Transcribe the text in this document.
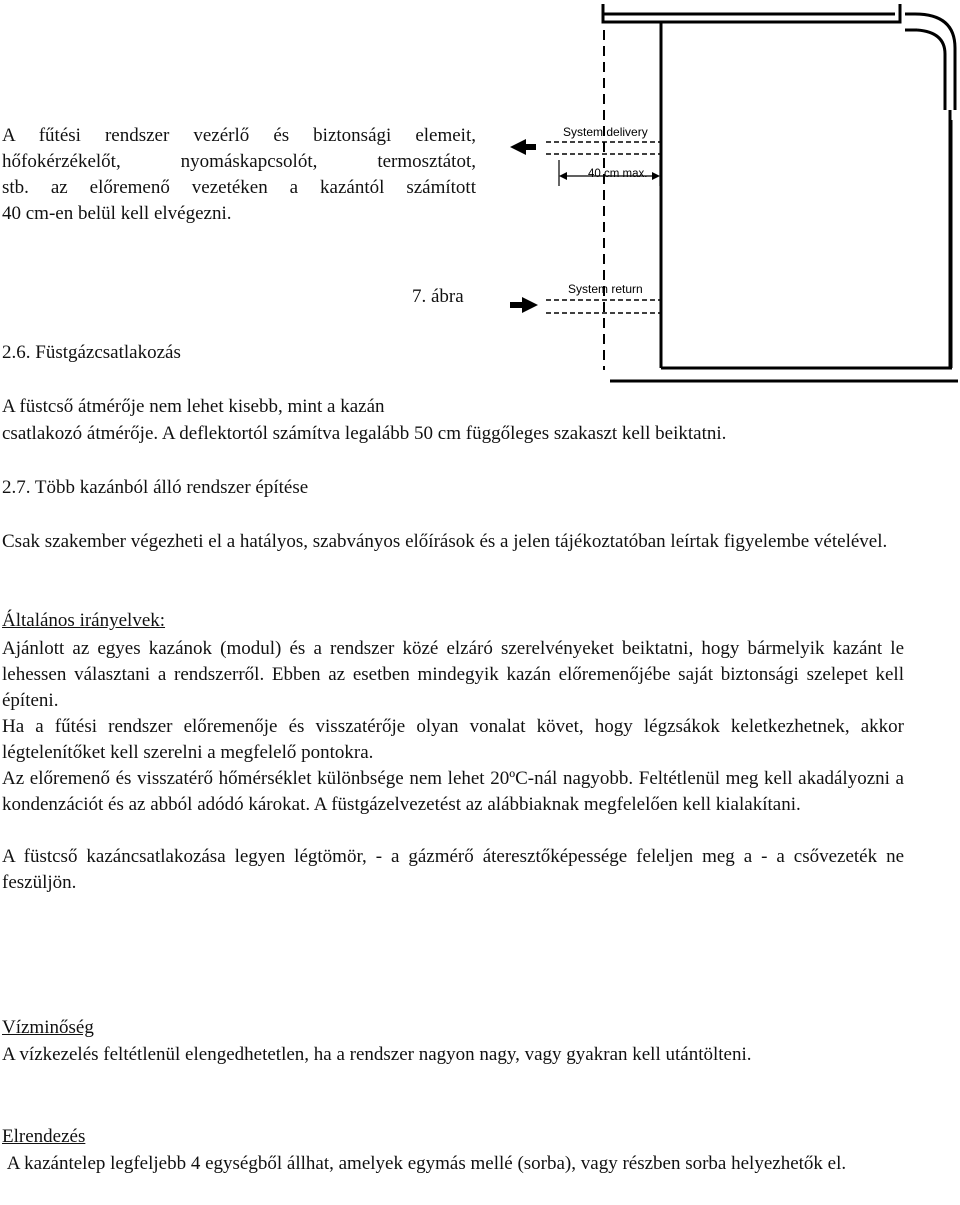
A fűtési rendszer vezérlő és biztonsági elemeit,

hőfokérzékelőt, nyomáskapcsolót, termosztátot,

stb. az előremenő vezetéken a kazántól számított

40 cm-en belül kell elvégezni.

7. ábra
System delivery
40 cm max.
System return
2.6. Füstgázcsatlakozás

A füstcső átmérője nem lehet kisebb, mint a kazán

csatlakozó átmérője. A deflektortól számítva legalább 50 cm függőleges szakaszt kell beiktatni.

2.7. Több kazánból álló rendszer építése

Csak szakember végezheti el a hatályos, szabványos előírások és a jelen tájékoztatóban leírtak figyelembe vételével.

Általános irányelvek:

Ajánlott az egyes kazánok (modul) és a rendszer közé elzáró szerelvényeket beiktatni, hogy bármelyik kazánt le lehessen választani a rendszerről. Ebben az esetben mindegyik kazán előremenőjébe saját biztonsági szelepet kell építeni.

Ha a fűtési rendszer előremenője és visszatérője olyan vonalat követ, hogy légzsákok keletkezhetnek, akkor légtelenítőket kell szerelni a megfelelő pontokra.

Az előremenő és visszatérő hőmérséklet különbsége nem lehet 20ºC-nál nagyobb. Feltétlenül meg kell akadályozni a kondenzációt és az abból adódó károkat. A füstgázelvezetést az alábbiaknak megfelelően kell kialakítani.

A füstcső kazáncsatlakozása legyen légtömör, - a gázmérő áteresztőképessége feleljen meg a - a csővezeték ne feszüljön.

Vízminőség

A vízkezelés feltétlenül elengedhetetlen, ha a rendszer nagyon nagy, vagy gyakran kell utántölteni.

Elrendezés

A kazántelep legfeljebb 4 egységből állhat, amelyek egymás mellé (sorba), vagy részben sorba helyezhetők el.
